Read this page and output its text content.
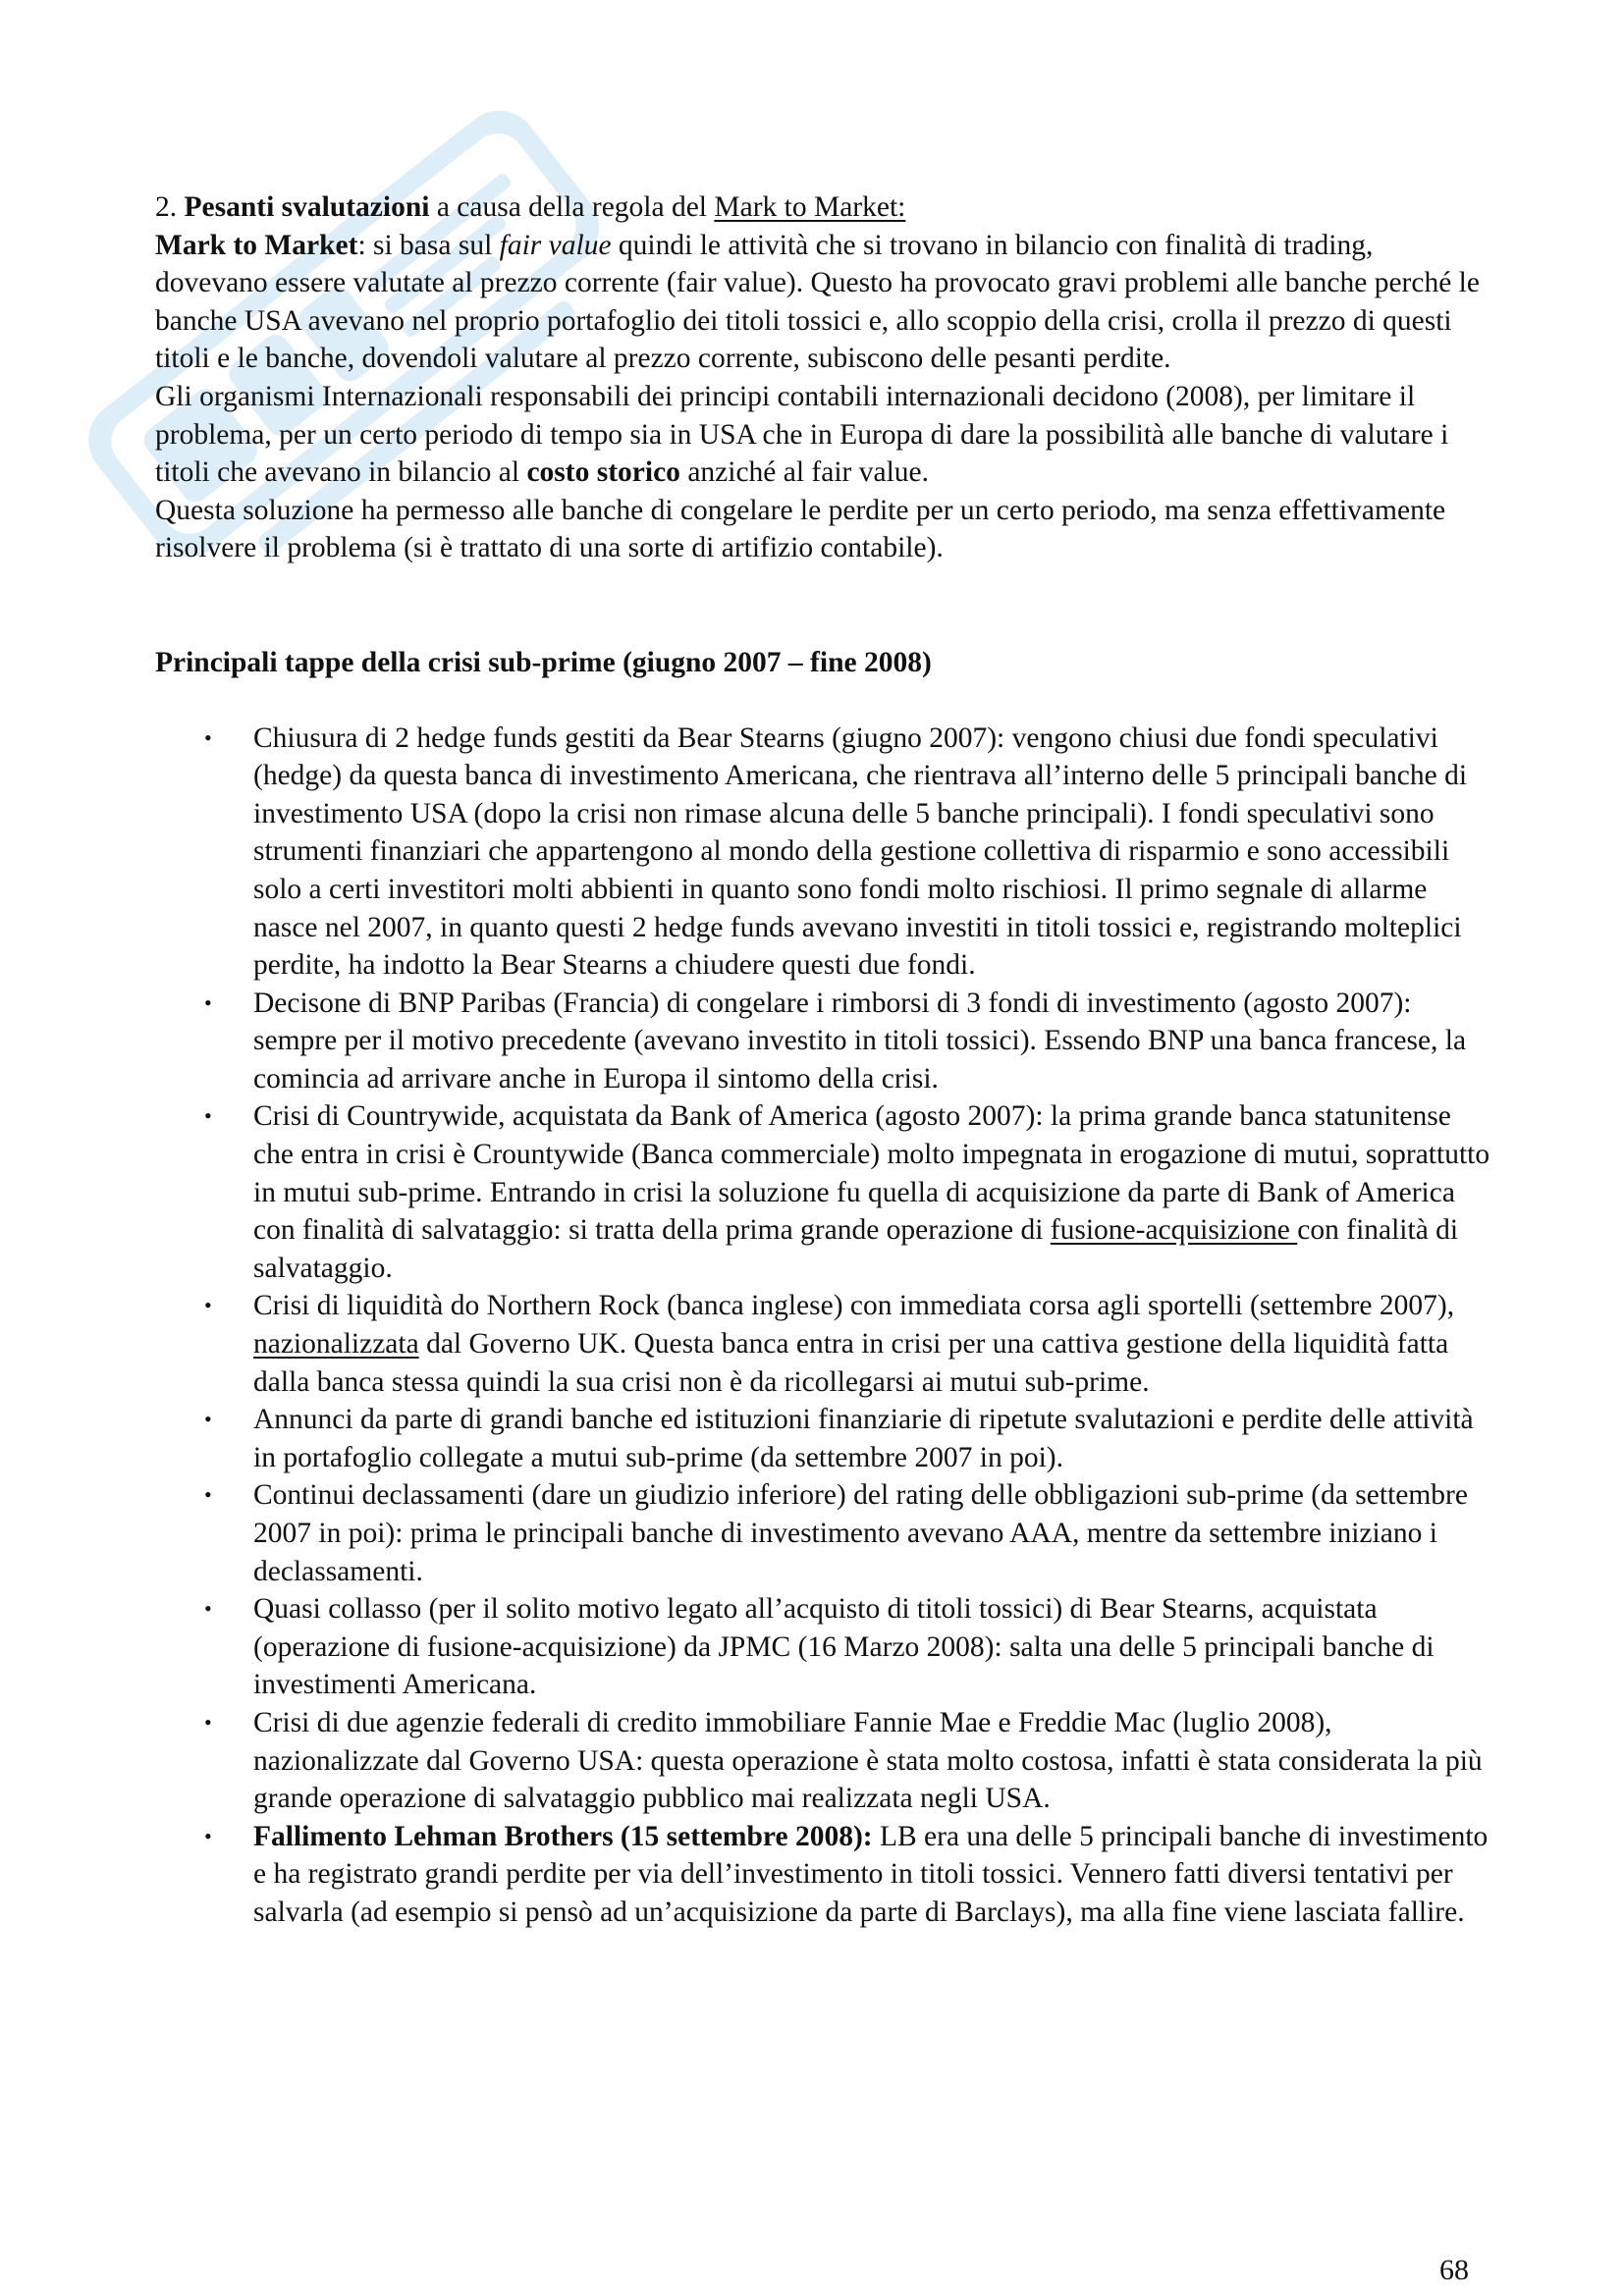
2. Pesanti svalutazioni a causa della regola del Mark to Market:

Mark to Market: si basa sul fair value quindi le attività che si trovano in bilancio con finalità di trading, dovevano essere valutate al prezzo corrente (fair value). Questo ha provocato gravi problemi alle banche perché le banche USA avevano nel proprio portafoglio dei titoli tossici e, allo scoppio della crisi, crolla il prezzo di questi titoli e le banche, dovendoli valutare al prezzo corrente, subiscono delle pesanti perdite.

Gli organismi Internazionali responsabili dei principi contabili internazionali decidono (2008), per limitare il problema, per un certo periodo di tempo sia in USA che in Europa di dare la possibilità alle banche di valutare i titoli che avevano in bilancio al costo storico anziché al fair value.

Questa soluzione ha permesso alle banche di congelare le perdite per un certo periodo, ma senza effettivamente risolvere il problema (si è trattato di una sorte di artifizio contabile).

Principali tappe della crisi sub-prime (giugno 2007 – fine 2008)

• Chiusura di 2 hedge funds gestiti da Bear Stearns (giugno 2007): vengono chiusi due fondi speculativi (hedge) da questa banca di investimento Americana, che rientrava all’interno delle 5 principali banche di investimento USA (dopo la crisi non rimase alcuna delle 5 banche principali). I fondi speculativi sono strumenti finanziari che appartengono al mondo della gestione collettiva di risparmio e sono accessibili solo a certi investitori molti abbienti in quanto sono fondi molto rischiosi. Il primo segnale di allarme nasce nel 2007, in quanto questi 2 hedge funds avevano investiti in titoli tossici e, registrando molteplici perdite, ha indotto la Bear Stearns a chiudere questi due fondi.
• Decisone di BNP Paribas (Francia) di congelare i rimborsi di 3 fondi di investimento (agosto 2007): sempre per il motivo precedente (avevano investito in titoli tossici). Essendo BNP una banca francese, la comincia ad arrivare anche in Europa il sintomo della crisi.
• Crisi di Countrywide, acquistata da Bank of America (agosto 2007): la prima grande banca statunitense che entra in crisi è Crountywide (Banca commerciale) molto impegnata in erogazione di mutui, soprattutto in mutui sub-prime. Entrando in crisi la soluzione fu quella di acquisizione da parte di Bank of America con finalità di salvataggio: si tratta della prima grande operazione di fusione-acquisizione con finalità di salvataggio.
• Crisi di liquidità do Northern Rock (banca inglese) con immediata corsa agli sportelli (settembre 2007), nazionalizzata dal Governo UK. Questa banca entra in crisi per una cattiva gestione della liquidità fatta dalla banca stessa quindi la sua crisi non è da ricollegarsi ai mutui sub-prime.
• Annunci da parte di grandi banche ed istituzioni finanziarie di ripetute svalutazioni e perdite delle attività in portafoglio collegate a mutui sub-prime (da settembre 2007 in poi).
• Continui declassamenti (dare un giudizio inferiore) del rating delle obbligazioni sub-prime (da settembre 2007 in poi): prima le principali banche di investimento avevano AAA, mentre da settembre iniziano i declassamenti.
• Quasi collasso (per il solito motivo legato all’acquisto di titoli tossici) di Bear Stearns, acquistata (operazione di fusione-acquisizione) da JPMC (16 Marzo 2008): salta una delle 5 principali banche di investimenti Americana.
• Crisi di due agenzie federali di credito immobiliare Fannie Mae e Freddie Mac (luglio 2008), nazionalizzate dal Governo USA: questa operazione è stata molto costosa, infatti è stata considerata la più grande operazione di salvataggio pubblico mai realizzata negli USA.
• Fallimento Lehman Brothers (15 settembre 2008): LB era una delle 5 principali banche di investimento e ha registrato grandi perdite per via dell’investimento in titoli tossici. Vennero fatti diversi tentativi per salvarla (ad esempio si pensò ad un’acquisizione da parte di Barclays), ma alla fine viene lasciata fallire.
68
